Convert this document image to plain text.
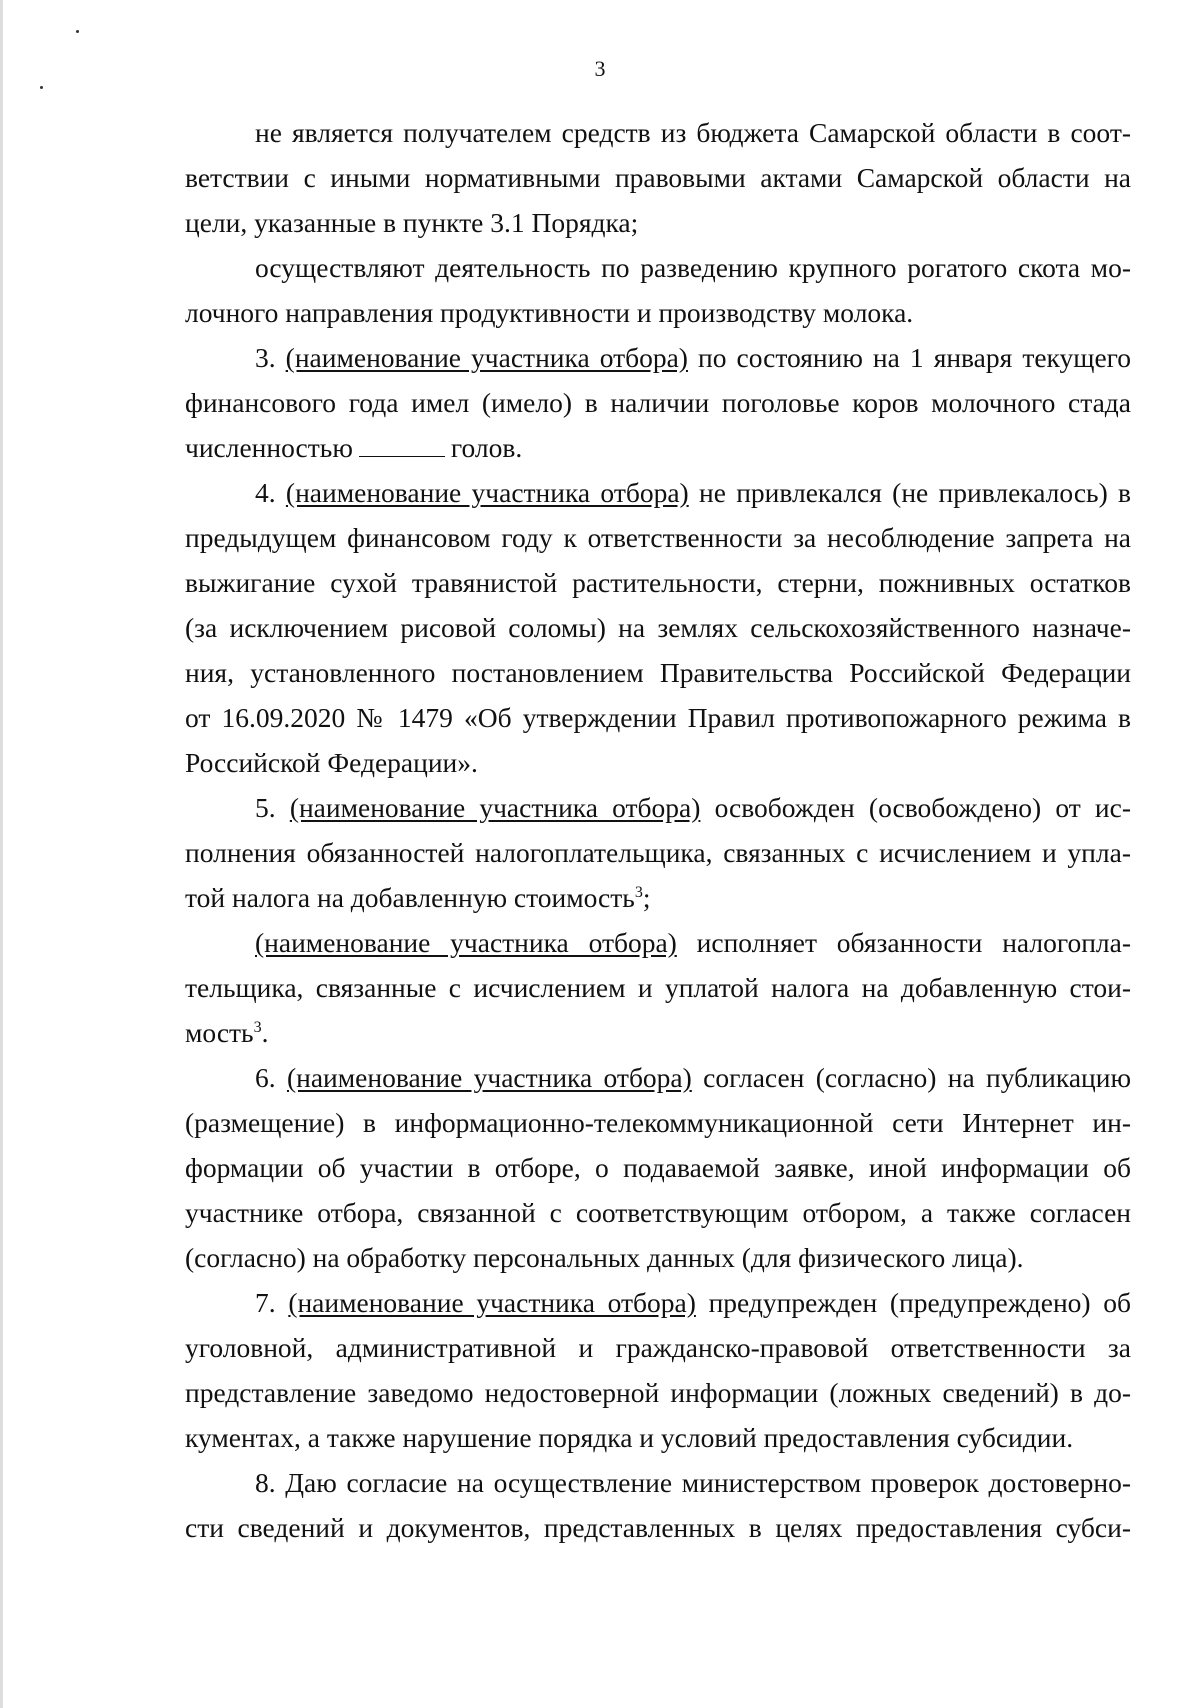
3
не является получателем средств из бюджета Самарской области в соот-
ветствии с иными нормативными правовыми актами Самарской области на
цели, указанные в пункте 3.1 Порядка;
осуществляют деятельность по разведению крупного рогатого скота мо-
лочного направления продуктивности и производству молока.
3. (наименование участника отбора) по состоянию на 1 января текущего
финансового года имел (имело) в наличии поголовье коров молочного стада
численностью	голов.
4. (наименование участника отбора) не привлекался (не привлекалось) в
предыдущем финансовом году к ответственности за несоблюдение запрета на
выжигание сухой травянистой растительности, стерни, пожнивных остатков
(за исключением рисовой соломы) на землях сельскохозяйственного назначе-
ния, установленного постановлением Правительства Российской Федерации
от 16.09.2020 № 1479 «Об утверждении Правил противопожарного режима в
Российской Федерации».
5. (наименование участника отбора) освобожден (освобождено) от ис-
полнения обязанностей налогоплательщика, связанных с исчислением и упла-
той налога на добавленную стоимость$^3$;
(наименование участника отбора) исполняет обязанности налогопла-
тельщика, связанные с исчислением и уплатой налога на добавленную стои-
мость$^3$.
6. (наименование участника отбора) согласен (согласно) на публикацию
(размещение) в информационно-телекоммуникационной сети Интернет ин-
формации об участии в отборе, о подаваемой заявке, иной информации об
участнике отбора, связанной с соответствующим отбором, а также согласен
(согласно) на обработку персональных данных (для физического лица).
7. (наименование участника отбора) предупрежден (предупреждено) об
уголовной, административной и гражданско-правовой ответственности за
представление заведомо недостоверной информации (ложных сведений) в до-
кументах, а также нарушение порядка и условий предоставления субсидии.
8. Даю согласие на осуществление министерством проверок достоверно-
сти сведений и документов, представленных в целях предоставления субси-
